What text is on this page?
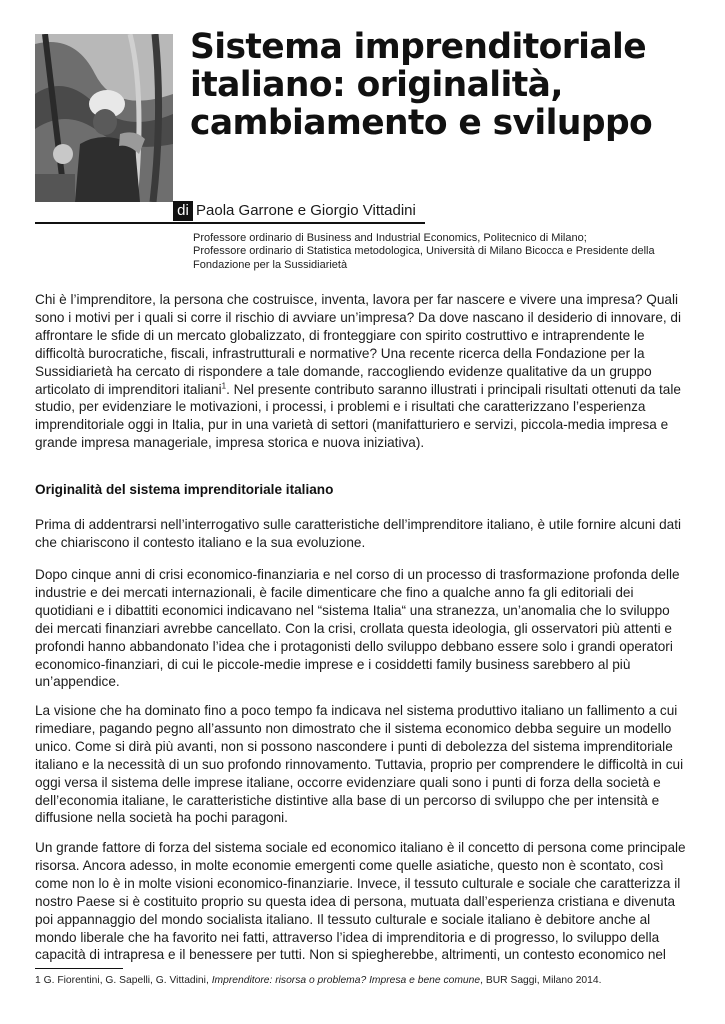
Sistema imprenditoriale italiano: originalità, cambiamento e sviluppo
di Paola Garrone e Giorgio Vittadini

Professore ordinario di Business and Industrial Economics, Politecnico di Milano;

Professore ordinario di Statistica metodologica, Università di Milano Bicocca e Presidente della Fondazione per la Sussidiarietà

Chi è l’imprenditore, la persona che costruisce, inventa, lavora per far nascere e vivere una impresa? Quali sono i motivi per i quali si corre il rischio di avviare un’impresa? Da dove nascano il desiderio di innovare, di affrontare le sfide di un mercato globalizzato, di fronteggiare con spirito costruttivo e intraprendente le difficoltà burocratiche, fiscali, infrastrutturali e normative? Una recente ricerca della Fondazione per la Sussidiarietà ha cercato di rispondere a tale domande, raccogliendo evidenze qualitative da un gruppo articolato di imprenditori italiani$^1$. Nel presente contributo saranno illustrati i principali risultati ottenuti da tale studio, per evidenziare le motivazioni, i processi, i problemi e i risultati che caratterizzano l’esperienza imprenditoriale oggi in Italia, pur in una varietà di settori (manifatturiero e servizi, piccola-media impresa e grande impresa manageriale, impresa storica e nuova iniziativa).

Originalità del sistema imprenditoriale italiano

Prima di addentrarsi nell’interrogativo sulle caratteristiche dell’imprenditore italiano, è utile fornire alcuni dati che chiariscono il contesto italiano e la sua evoluzione.

Dopo cinque anni di crisi economico-finanziaria e nel corso di un processo di trasformazione profonda delle industrie e dei mercati internazionali, è facile dimenticare che fino a qualche anno fa gli editoriali dei quotidiani e i dibattiti economici indicavano nel “sistema Italia“ una stranezza, un’anomalia che lo sviluppo dei mercati finanziari avrebbe cancellato. Con la crisi, crollata questa ideologia, gli osservatori più attenti e profondi hanno abbandonato l’idea che i protagonisti dello sviluppo debbano essere solo i grandi operatori economico-finanziari, di cui le piccole-medie imprese e i cosiddetti family business sarebbero al più un’appendice.

La visione che ha dominato fino a poco tempo fa indicava nel sistema produttivo italiano un fallimento a cui rimediare, pagando pegno all’assunto non dimostrato che il sistema economico debba seguire un modello unico. Come si dirà più avanti, non si possono nascondere i punti di debolezza del sistema imprenditoriale italiano e la necessità di un suo profondo rinnovamento. Tuttavia, proprio per comprendere le difficoltà in cui oggi versa il sistema delle imprese italiane, occorre evidenziare quali sono i punti di forza della società e dell’economia italiane, le caratteristiche distintive alla base di un percorso di sviluppo che per intensità e diffusione nella società ha pochi paragoni.

Un grande fattore di forza del sistema sociale ed economico italiano è il concetto di persona come principale risorsa. Ancora adesso, in molte economie emergenti come quelle asiatiche, questo non è scontato, così come non lo è in molte visioni economico-finanziarie. Invece, il tessuto culturale e sociale che caratterizza il nostro Paese si è costituito proprio su questa idea di persona, mutuata dall’esperienza cristiana e divenuta poi appannaggio del mondo socialista italiano. Il tessuto culturale e sociale italiano è debitore anche al mondo liberale che ha favorito nei fatti, attraverso l’idea di imprenditoria e di progresso, lo sviluppo della capacità di intrapresa e il benessere per tutti. Non si spiegherebbe, altrimenti, un contesto economico nel

1 G. Fiorentini, G. Sapelli, G. Vittadini, Imprenditore: risorsa o problema? Impresa e bene comune, BUR Saggi, Milano 2014.
